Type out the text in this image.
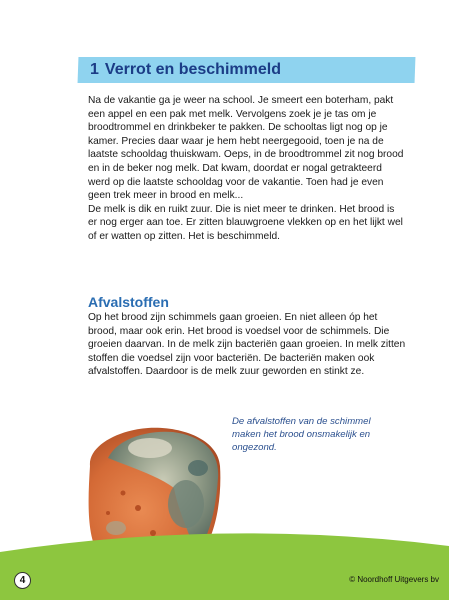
1 Verrot en beschimmeld

Na de vakantie ga je weer na school. Je smeert een boterham, pakt een appel en een pak met melk. Vervolgens zoek je je tas om je broodtrommel en drinkbeker te pakken. De schooltas ligt nog op je kamer. Precies daar waar je hem hebt neergegooid, toen je na de laatste schooldag thuiskwam. Oeps, in de broodtrommel zit nog brood en in de beker nog melk. Dat kwam, doordat er nogal getrakteerd werd op die laatste schooldag voor de vakantie. Toen had je even geen trek meer in brood en melk...
De melk is dik en ruikt zuur. Die is niet meer te drinken. Het brood is er nog erger aan toe. Er zitten blauwgroene vlekken op en het lijkt wel of er watten op zitten. Het is beschimmeld.

Afvalstoffen

Op het brood zijn schimmels gaan groeien. En niet alleen óp het brood, maar ook erin. Het brood is voedsel voor de schimmels. Die groeien daarvan. In de melk zijn bacteriën gaan groeien. In melk zitten stoffen die voedsel zijn voor bacteriën. De bacteriën maken ook afvalstoffen. Daardoor is de melk zuur geworden en stinkt ze.

De afvalstoffen van de schimmel maken het brood onsmakelijk en ongezond.

4	© Noordhoff Uitgevers bv
